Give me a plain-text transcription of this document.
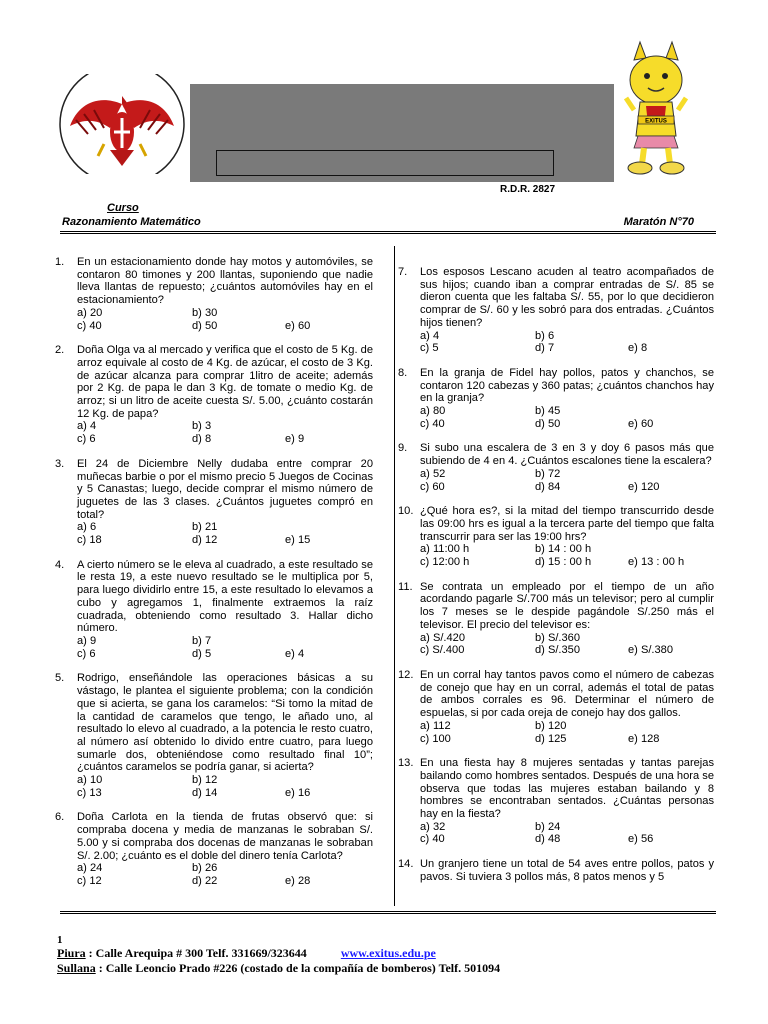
R.D.R. 2827
EXITUS
Curso
Razonamiento Matemático	Maratón N°70
1.	En un estacionamiento donde hay motos y automóviles, se contaron 80 timones y 200 llantas, suponiendo que nadie lleva llantas de repuesto; ¿cuántos automóviles hay en el estacionamiento?
a) 20	b) 30
c) 40	d) 50	e) 60
2.	Doña Olga va al mercado y verifica que el costo de 5 Kg. de arroz equivale al costo de 4 Kg. de azúcar, el costo de 3 Kg. de azúcar alcanza para comprar 1litro de aceite; además por 2 Kg. de papa le dan 3 Kg. de tomate o medio Kg. de arroz; si un litro de aceite cuesta S/. 5.00, ¿cuánto costarán 12 Kg. de papa?
a) 4	b) 3
c) 6	d) 8	e) 9
3.	El 24 de Diciembre Nelly dudaba entre comprar 20 muñecas barbie o por el mismo precio 5 Juegos de Cocinas y 5 Canastas; luego, decide comprar el mismo número de juguetes de las 3 clases. ¿Cuántos juguetes compró en total?
a) 6	b) 21
c) 18	d) 12	e) 15
4.	A cierto número se le eleva al cuadrado, a este resultado se le resta 19, a este nuevo resultado se le multiplica por 5, para luego dividirlo entre 15, a este resultado lo elevamos a cubo y agregamos 1, finalmente extraemos la raíz cuadrada, obteniendo como resultado 3. Hallar dicho número.
a) 9	b) 7
c) 6	d) 5	e) 4
5.	Rodrigo, enseñándole las operaciones básicas a su vástago, le plantea el siguiente problema; con la condición que si acierta, se gana los caramelos: “Si tomo la mitad de la cantidad de caramelos que tengo, le añado uno, al resultado lo elevo al cuadrado, a la potencia le resto cuatro, al número así obtenido lo divido entre cuatro, para luego sumarle dos, obteniéndose como resultado final 10”; ¿cuántos caramelos se podría ganar, si acierta?
a) 10	b) 12
c) 13	d) 14	e) 16
6.	Doña Carlota en la tienda de frutas observó que: si compraba docena y media de manzanas le sobraban S/. 5.00 y si compraba dos docenas de manzanas le sobraban S/. 2.00; ¿cuánto es el doble del dinero tenía Carlota?
a) 24	b) 26
c) 12	d) 22	e) 28
7.	Los esposos Lescano acuden al teatro acompañados de sus hijos; cuando iban a comprar entradas de S/. 85 se dieron cuenta que les faltaba S/. 55, por lo que decidieron comprar de S/. 60 y les sobró para dos entradas. ¿Cuántos hijos tienen?
a) 4	b) 6
c) 5	d) 7	e) 8
8.	En la granja de Fidel hay pollos, patos y chanchos, se contaron 120 cabezas y 360 patas; ¿cuántos chanchos hay en la granja?
a) 80	b) 45
c) 40	d) 50	e) 60
9.	Si subo una escalera de 3 en 3 y doy 6 pasos más que subiendo de 4 en 4. ¿Cuántos escalones tiene la escalera?
a) 52	b) 72
c) 60	d) 84	e) 120
10. ¿Qué hora es?, si la mitad del tiempo transcurrido desde las 09:00 hrs es igual a la tercera parte del tiempo que falta transcurrir para ser las 19:00 hrs?
a) 11:00 h	b) 14 : 00 h
c) 12:00 h	d) 15 : 00 h	e) 13 : 00 h
11. Se contrata un empleado por el tiempo de un año acordando pagarle S/.700 más un televisor; pero al cumplir los 7 meses se le despide pagándole S/.250 más el televisor. El precio del televisor es:
a) S/.420	b) S/.360
c) S/.400	d) S/.350	e) S/.380
12. En un corral hay tantos pavos como el número de cabezas de conejo que hay en un corral, además el total de patas de ambos corrales es 96. Determinar el número de espuelas, si por cada oreja de conejo hay dos gallos.
a) 112	b) 120
c) 100	d) 125	e) 128
13. En una fiesta hay 8 mujeres sentadas y tantas parejas bailando como hombres sentados. Después de una hora se observa que todas las mujeres estaban bailando y 8 hombres se encontraban sentados. ¿Cuántas personas hay en la fiesta?
a) 32	b) 24
c) 40	d) 48	e) 56
14. Un granjero tiene un total de 54 aves entre pollos, patos y pavos. Si tuviera 3 pollos más, 8 patos menos y 5
1
Piura : Calle Arequipa # 300 Telf. 331669/323644	www.exitus.edu.pe
Sullana : Calle Leoncio Prado #226 (costado de la compañía de bomberos) Telf. 501094
